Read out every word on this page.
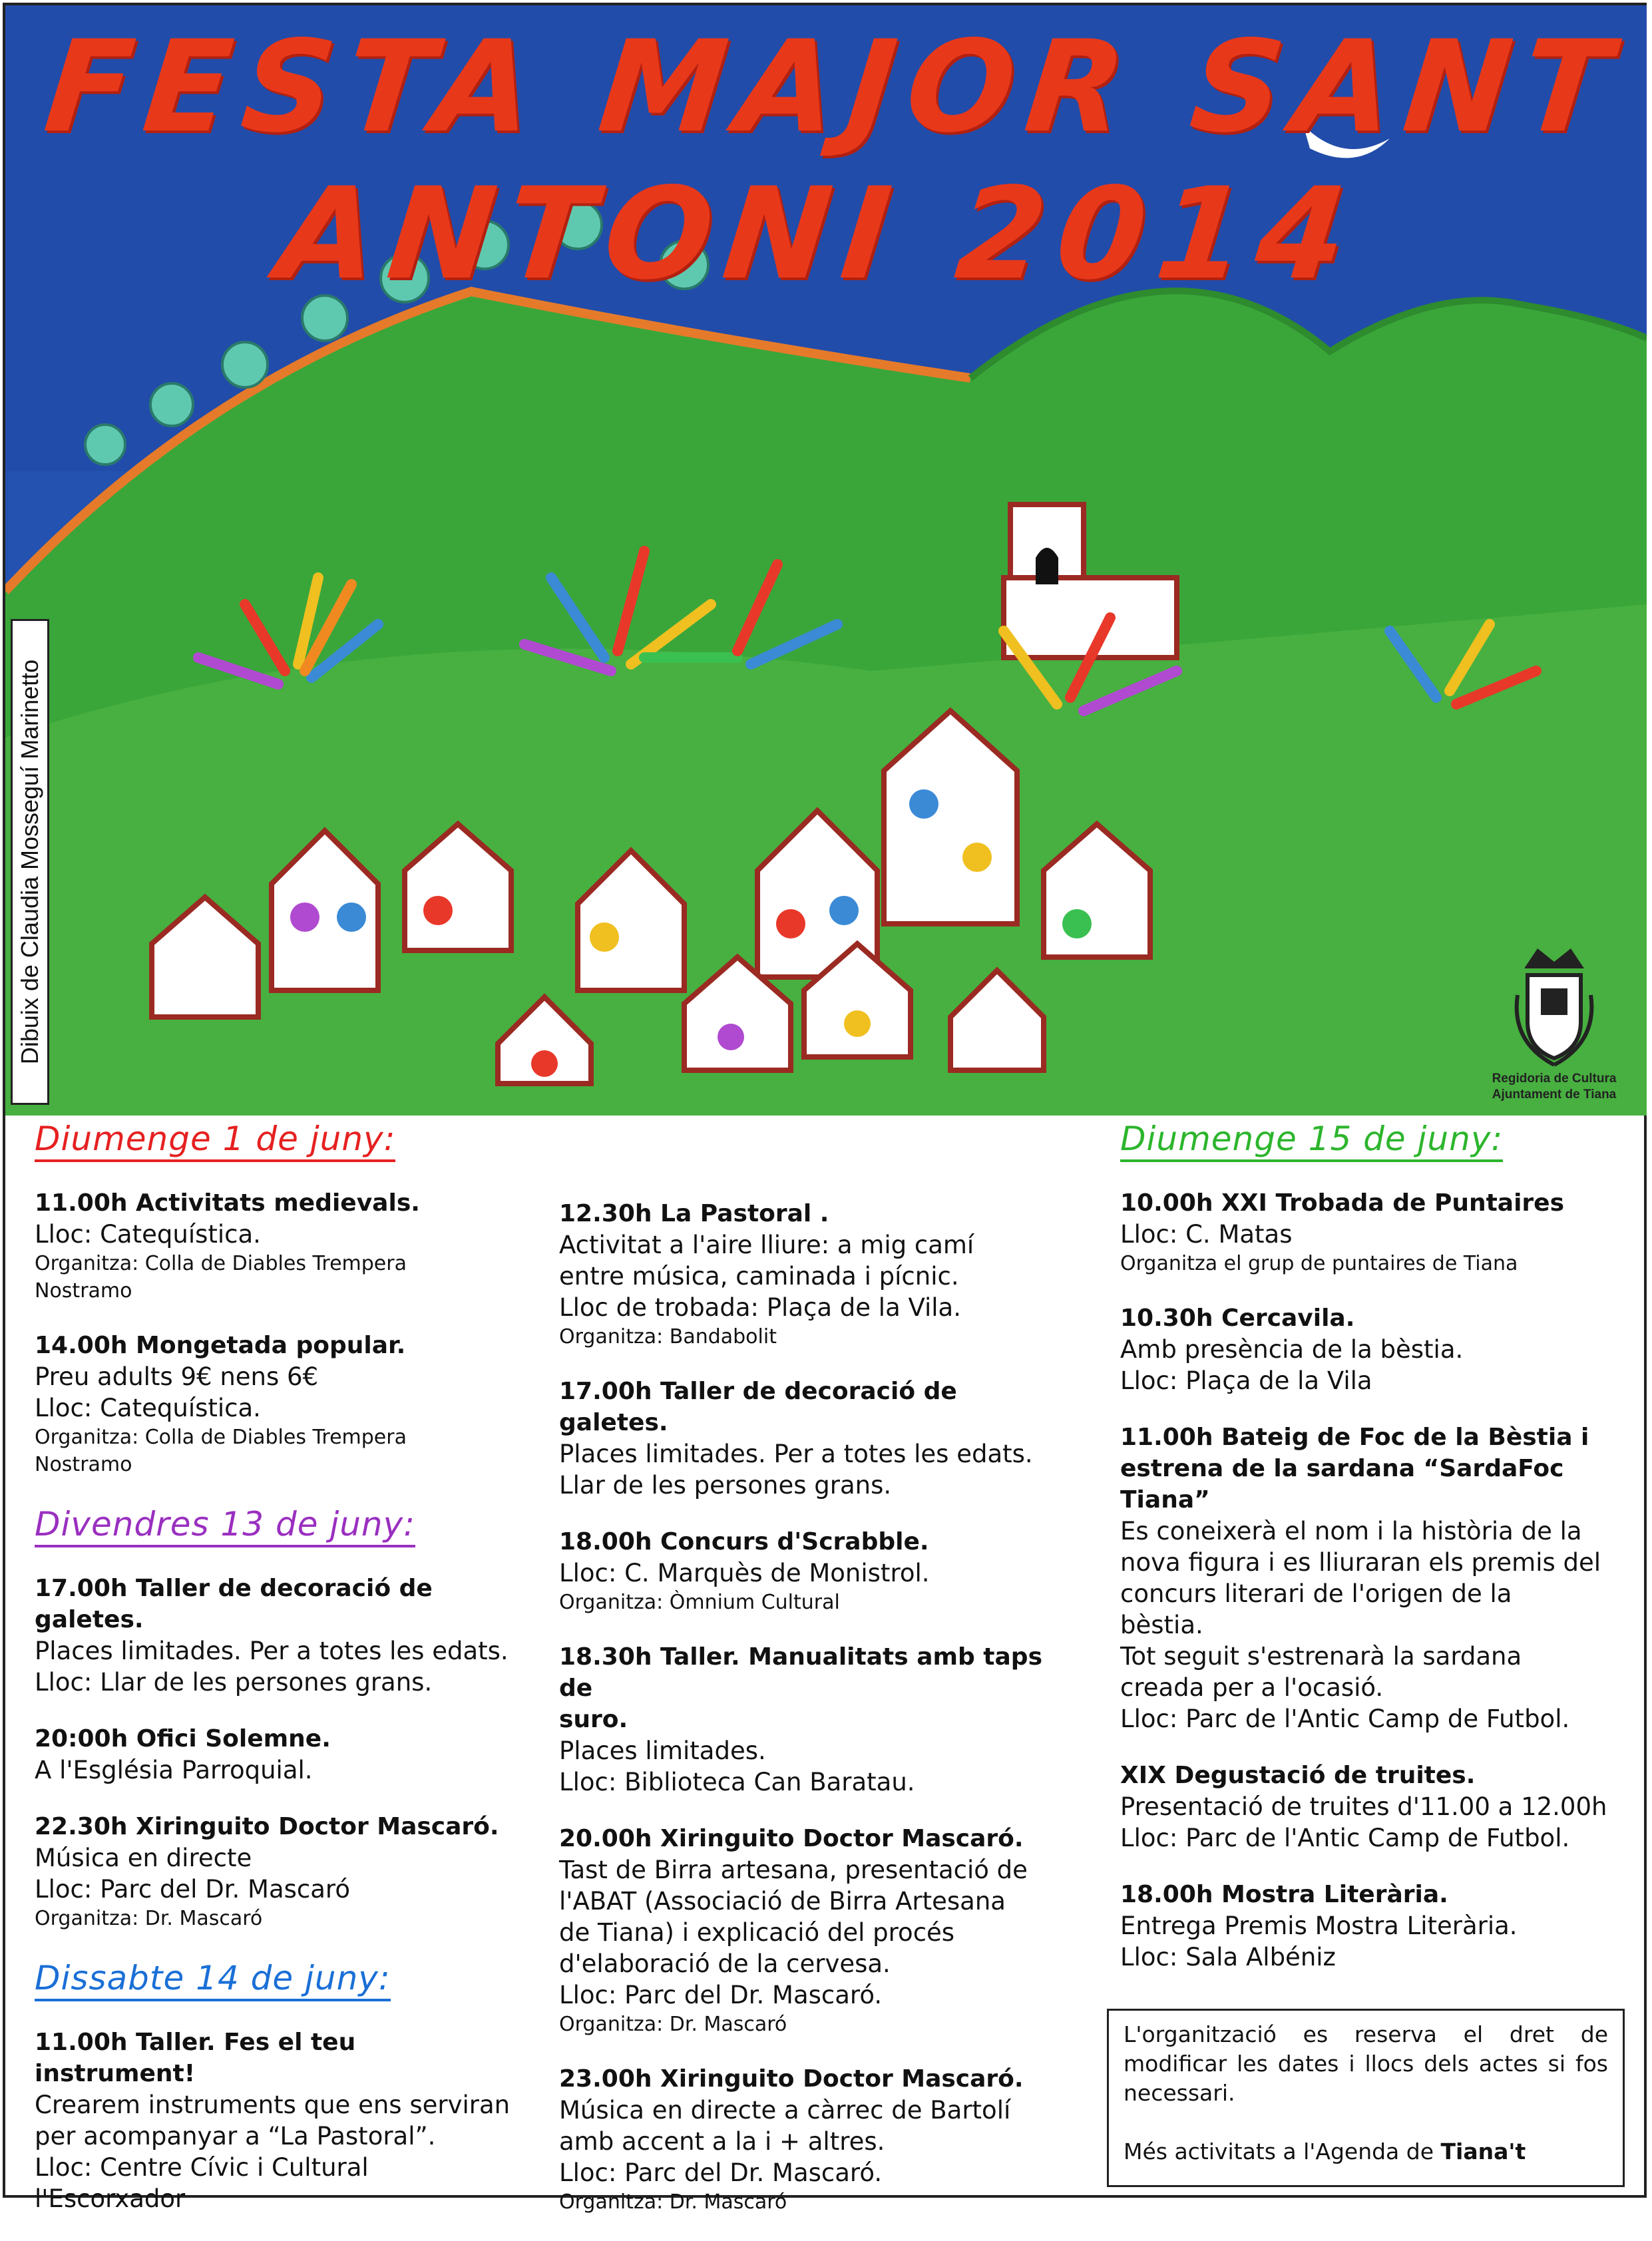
FESTA MAJOR SANT ANTONI 2014
Dibuix de Claudia Mosseguí Marinetto
Regidoria de Cultura
Ajuntament de Tiana
Diumenge 1 de juny:
11.00h Activitats medievals.
Lloc: Catequística.
Organitza: Colla de Diables Trempera
Nostramo
14.00h Mongetada popular.
Preu adults 9€ nens 6€
Lloc: Catequística.
Organitza: Colla de Diables Trempera
Nostramo
Divendres 13 de juny:
17.00h Taller de decoració de galetes.
Places limitades. Per a totes les edats.
Lloc: Llar de les persones grans.
20:00h Ofici Solemne.
A l'Església Parroquial.
22.30h Xiringuito Doctor Mascaró.
Música en directe
Lloc: Parc del Dr. Mascaró
Organitza: Dr. Mascaró
Dissabte 14 de juny:
11.00h Taller. Fes el teu instrument!
Crearem instruments que ens serviran
per acompanyar a “La Pastoral”.
Lloc: Centre Cívic i Cultural
l'Escorxador
12.30h La Pastoral .
Activitat a l'aire lliure: a mig camí
entre música, caminada i pícnic.
Lloc de trobada: Plaça de la Vila.
Organitza: Bandabolit
17.00h Taller de decoració de galetes.
Places limitades. Per a totes les edats.
Llar de les persones grans.
18.00h Concurs d'Scrabble.
Lloc: C. Marquès de Monistrol.
Organitza: Òmnium Cultural
18.30h Taller. Manualitats amb taps de
suro.
Places limitades.
Lloc: Biblioteca Can Baratau.
20.00h Xiringuito Doctor Mascaró.
Tast de Birra artesana, presentació de
l'ABAT (Associació de Birra Artesana
de Tiana) i explicació del procés
d'elaboració de la cervesa.
Lloc: Parc del Dr. Mascaró.
Organitza: Dr. Mascaró
23.00h Xiringuito Doctor Mascaró.
Música en directe a càrrec de Bartolí
amb accent a la i + altres.
Lloc: Parc del Dr. Mascaró.
Organitza: Dr. Mascaró
Diumenge 15 de juny:
10.00h XXI Trobada de Puntaires
Lloc: C. Matas
Organitza el grup de puntaires de Tiana
10.30h Cercavila.
Amb presència de la bèstia.
Lloc: Plaça de la Vila
11.00h Bateig de Foc de la Bèstia i
estrena de la sardana “SardaFoc
Tiana”
Es coneixerà el nom i la història de la
nova figura i es lliuraran els premis del
concurs literari de l'origen de la
bèstia.
Tot seguit s'estrenarà la sardana
creada per a l'ocasió.
Lloc: Parc de l'Antic Camp de Futbol.
XIX Degustació de truites.
Presentació de truites d'11.00 a 12.00h
Lloc: Parc de l'Antic Camp de Futbol.
18.00h Mostra Literària.
Entrega Premis Mostra Literària.
Lloc: Sala Albéniz
L'organització es reserva el dret de modificar les dates i llocs dels actes si fos necessari.
Més activitats a l'Agenda de Tiana't
